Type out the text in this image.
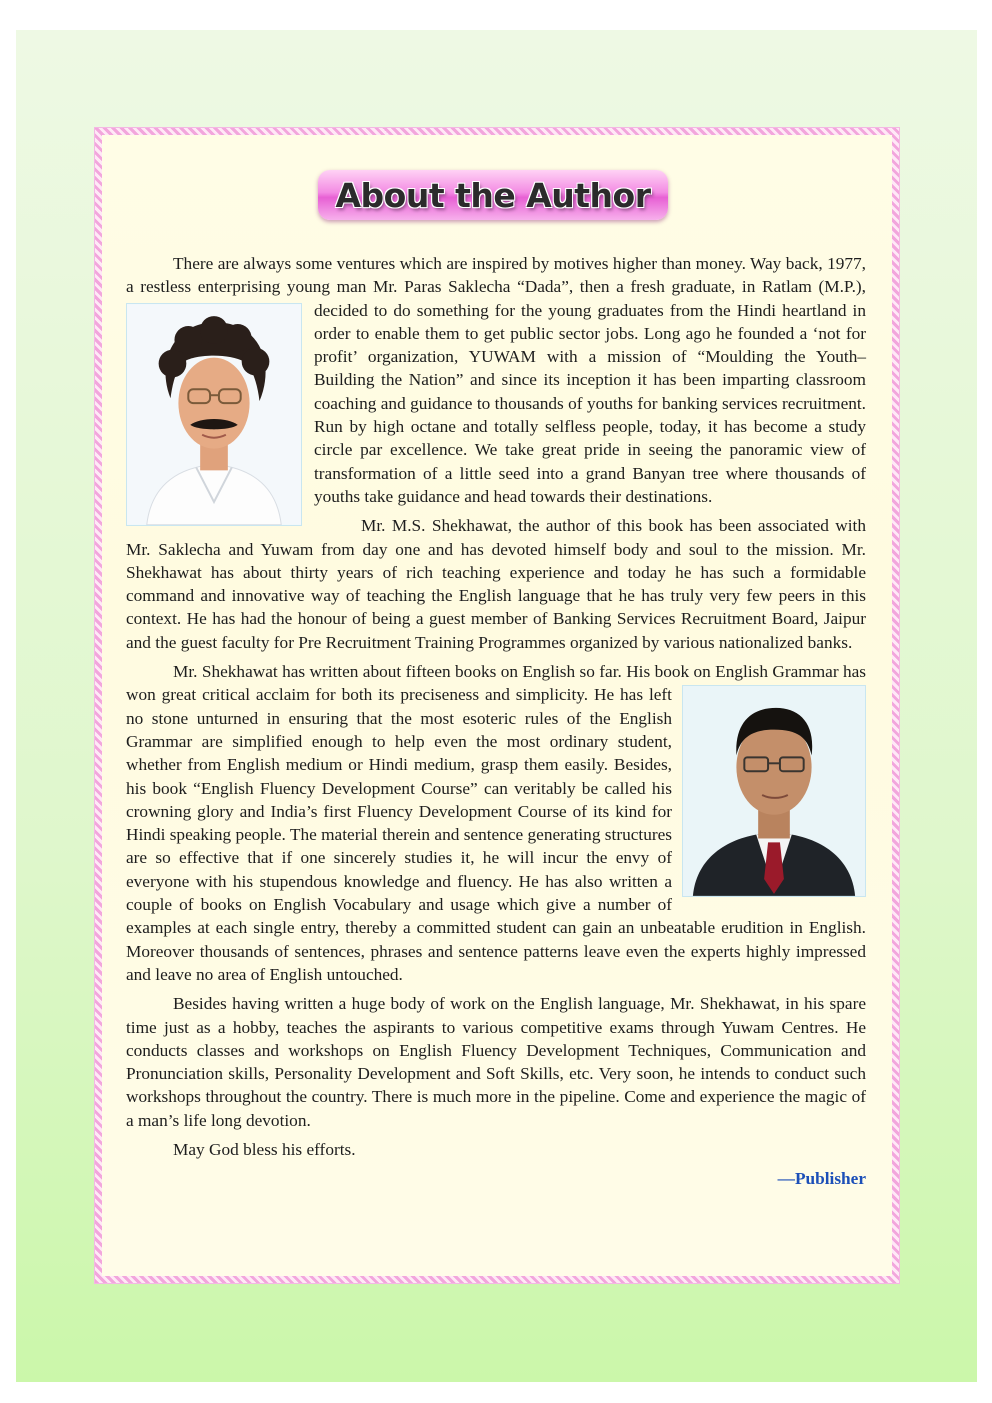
About the Author

There are always some ventures which are inspired by motives higher than money. Way back, 1977, a restless enterprising young man Mr. Paras Saklecha “Dada”, then a fresh graduate,
in Ratlam (M.P.), decided to do something for the young graduates from the Hindi heartland in order to enable them to get public sector jobs. Long ago he founded a ‘not for profit’ organization, YUWAM with a mission of “Moulding the Youth–Building the Nation” and since its inception it has been imparting classroom coaching and guidance to thousands of youths for banking services recruitment. Run by high octane and totally selfless people, today, it has become a study circle par excellence. We take great pride in seeing the panoramic view of transformation of a little seed into a grand Banyan tree where thousands of youths take guidance and head towards their destinations.

Mr. M.S. Shekhawat, the author of this book has been associated with Mr. Saklecha and Yuwam from day one and has devoted himself body and soul to the mission. Mr. Shekhawat has about thirty years of rich teaching experience and today he has such a formidable command and innovative way of teaching the English language that he has truly very few peers in this context. He has had the honour of being a guest member of Banking Services Recruitment Board, Jaipur and the guest faculty for Pre Recruitment Training Programmes organized by various nationalized banks.

Mr. Shekhawat has written about fifteen books on English so far. His book on English
Grammar has won great critical acclaim for both its preciseness and simplicity. He has left no stone unturned in ensuring that the most esoteric rules of the English Grammar are simplified enough to help even the most ordinary student, whether from English medium or Hindi medium, grasp them easily. Besides, his book “English Fluency Development Course” can veritably be called his crowning glory and India’s first Fluency Development Course of its kind for Hindi speaking people. The material therein and sentence generating structures are so effective that if one sincerely studies it, he will incur the envy of everyone with his stupendous knowledge and fluency. He has also written a couple of books on English Vocabulary and usage which give a number of examples at each single entry, thereby a committed student can gain an unbeatable erudition in English. Moreover thousands of sentences, phrases and sentence patterns leave even the experts highly impressed and leave no area of English untouched.

Besides having written a huge body of work on the English language, Mr. Shekhawat, in his spare time just as a hobby, teaches the aspirants to various competitive exams through Yuwam Centres. He conducts classes and workshops on English Fluency Development Techniques, Communication and Pronunciation skills, Personality Development and Soft Skills, etc. Very soon, he intends to conduct such workshops throughout the country. There is much more in the pipeline. Come and experience the magic of a man’s life long devotion.

May God bless his efforts.

—Publisher
